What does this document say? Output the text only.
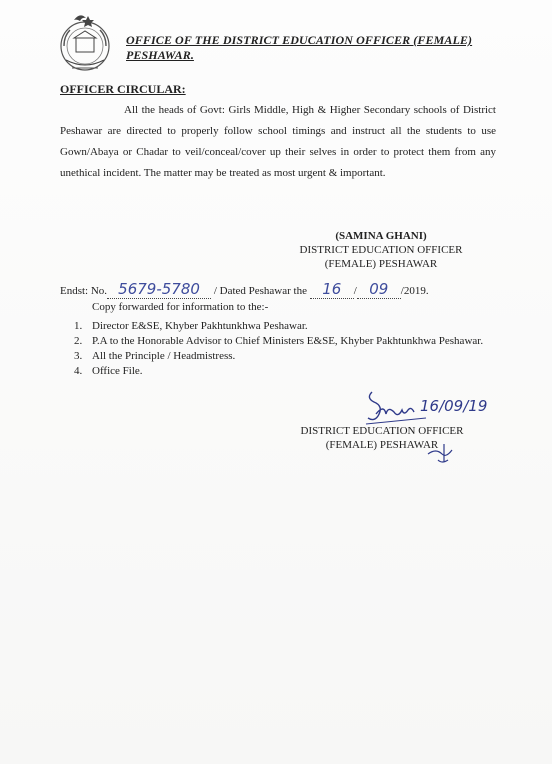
OFFICE OF THE DISTRICT EDUCATION OFFICER (FEMALE)
PESHAWAR.
OFFICER CIRCULAR:
All the heads of Govt: Girls Middle, High & Higher Secondary schools of District Peshawar are directed to properly follow school timings and instruct all the students to use Gown/Abaya or Chadar to veil/conceal/cover up their selves in order to protect them from any unethical incident. The matter may be treated as most urgent & important.
(SAMINA GHANI)
DISTRICT EDUCATION OFFICER
(FEMALE) PESHAWAR
Endst: No. 5679-5780 / Dated Peshawar the 16 / 09 /2019.
Copy forwarded for information to the:-
1. Director E&SE, Khyber Pakhtunkhwa Peshawar.
2. P.A to the Honorable Advisor to Chief Ministers E&SE, Khyber Pakhtunkhwa Peshawar.
3. All the Principle / Headmistress.
4. Office File.
16/09/19
DISTRICT EDUCATION OFFICER
(FEMALE) PESHAWAR
